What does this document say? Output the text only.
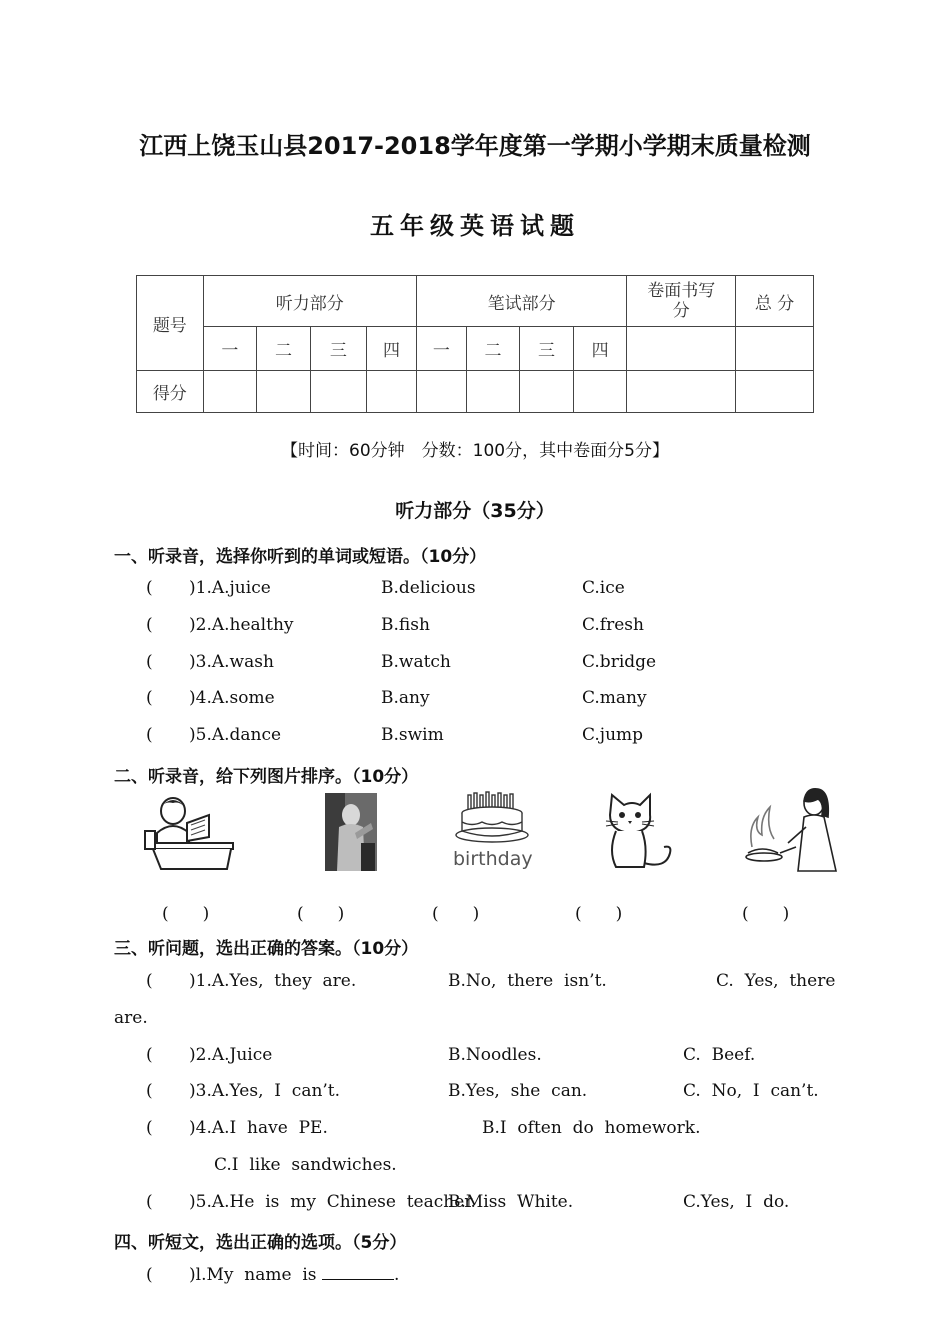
江西上饶玉山县2017-2018学年度第一学期小学期末质量检测
五年级英语试题
题号	听力部分				笔试部分				卷面书写分	总 分
	一	二	三	四	一	二	三	四		
得分										
【时间：60分钟　分数：100分，其中卷面分5分】
听力部分（35分）
一、听录音，选择你听到的单词或短语。（10分）
( )1.A.juice	B.delicious	C.ice
( )2.A.healthy	B.fish	C.fresh
( )3.A.wash	B.watch	C.bridge
( )4.A.some	B.any	C.many
( )5.A.dance	B.swim	C.jump
二、听录音，给下列图片排序。（10分）
birthday
(　　)	(　　)	(　　)	(　　)	(　　)
三、听问题，选出正确的答案。（10分）
( )1.A.Yes,  they  are.	B.No,  there  isn’t.	C.  Yes,  there
are.
( )2.A.Juice	B.Noodles.	C.  Beef.
( )3.A.Yes,  I  can’t.	B.Yes,  she  can.	C.  No,  I  can’t.
( )4.A.I  have  PE.	B.I  often  do  homework.
C.I  like  sandwiches.
( )5.A.He  is  my  Chinese  teacher.
B.Miss  White.	C.Yes,  I  do.
四、听短文，选出正确的选项。（5分）
( )l.My  name  is	.
